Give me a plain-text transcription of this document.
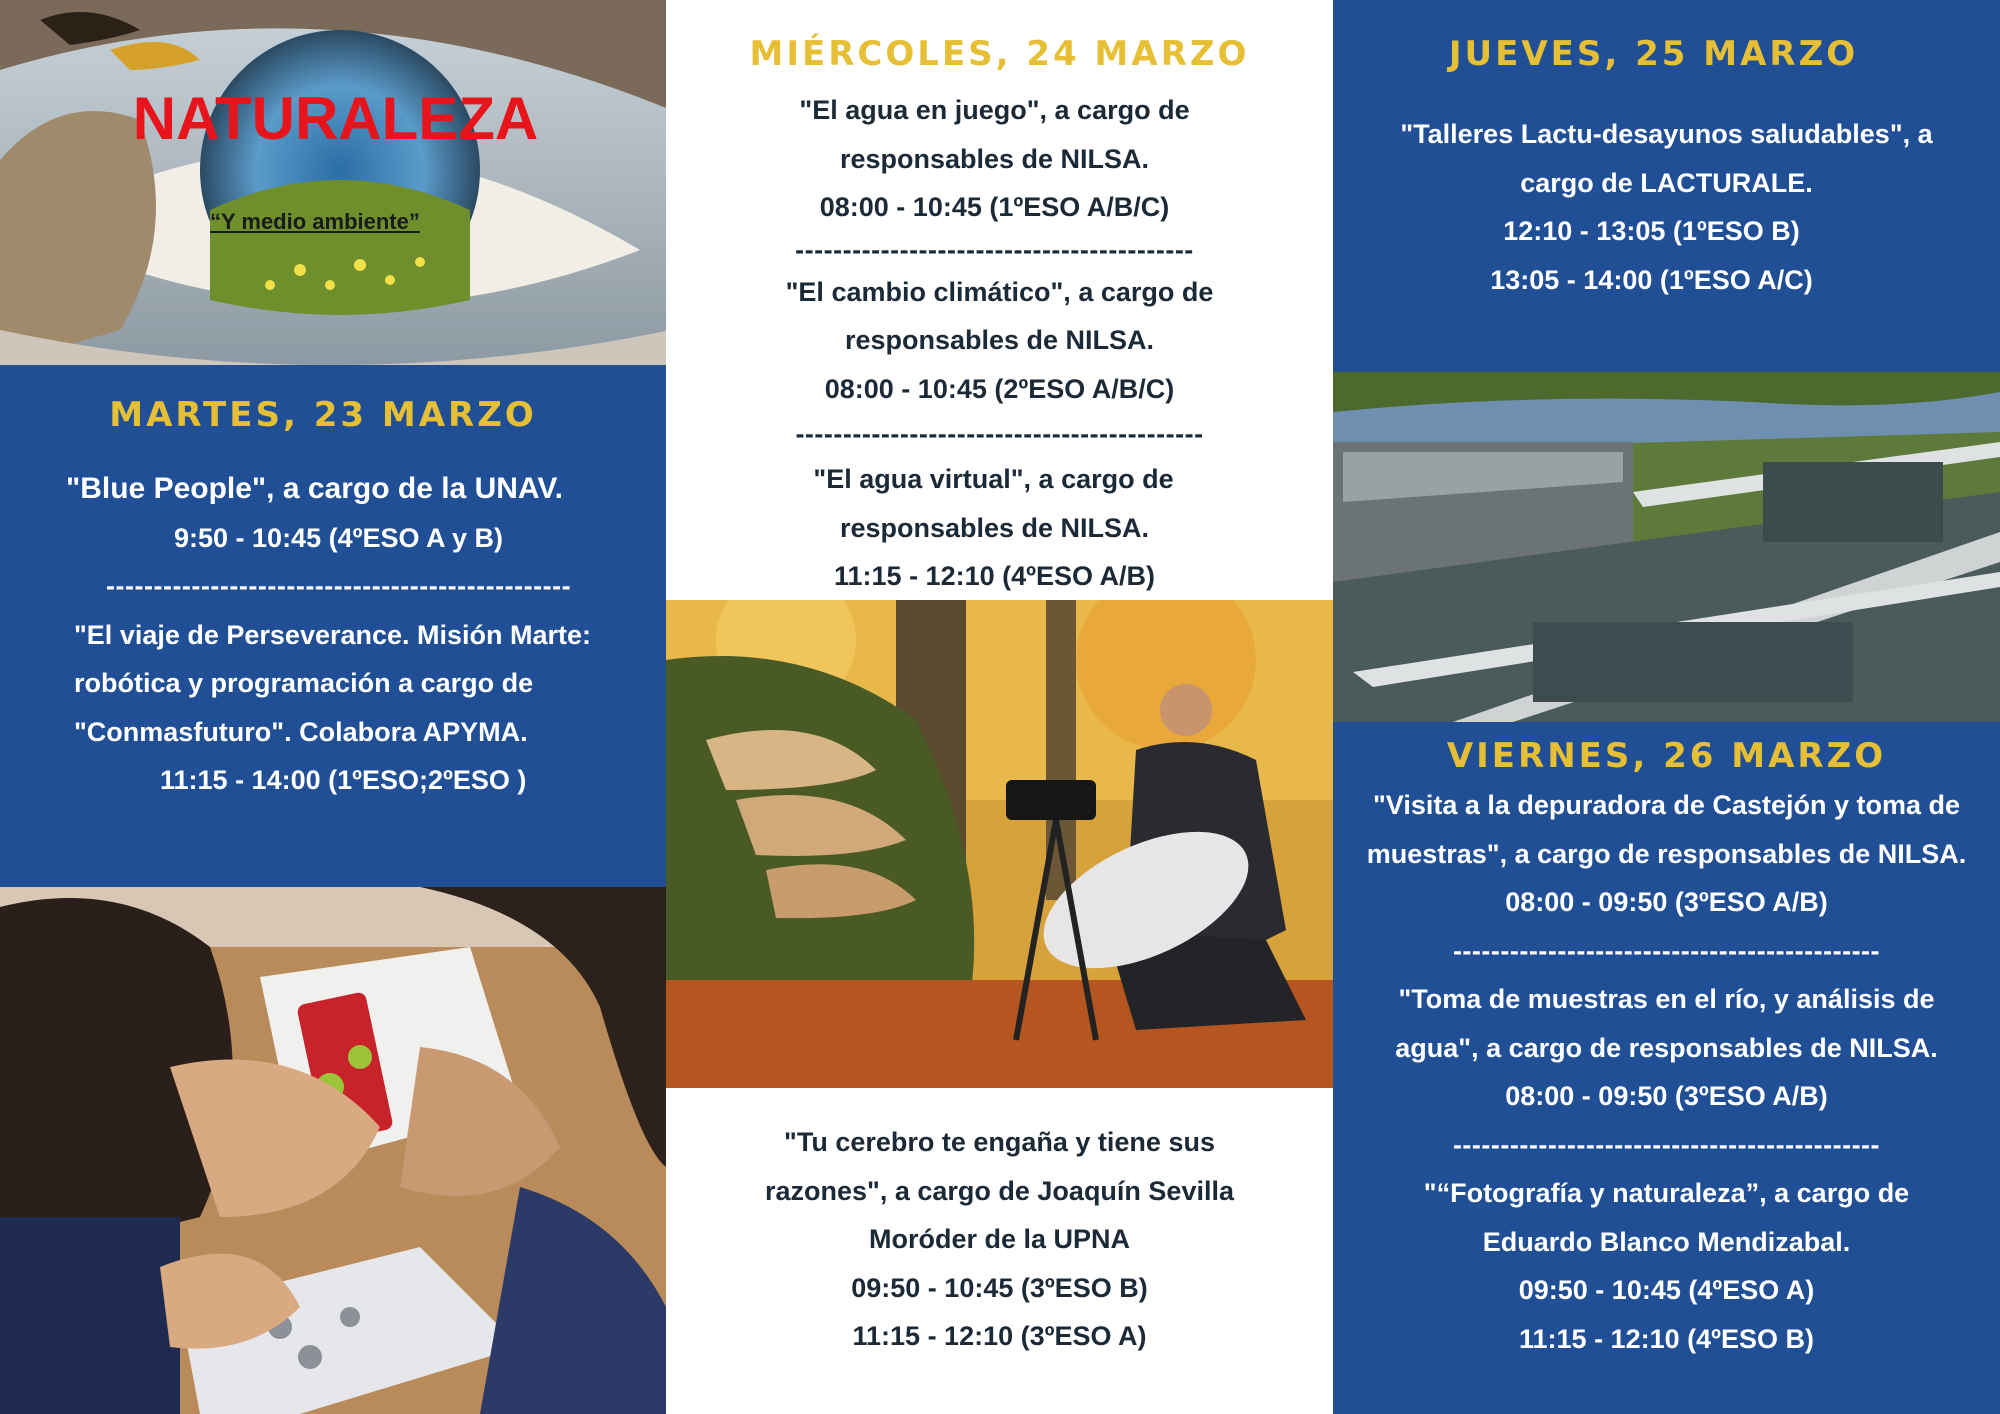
NATURALEZA
“Y medio ambiente”
MARTES, 23 MARZO

"Blue People", a cargo de la UNAV.

9:50 - 10:45 (4ºESO A y B)

-------------------------------------------------

"El viaje de Perseverance. Misión Marte:

robótica y programación a cargo de

"Conmasfuturo". Colabora APYMA.

11:15 - 14:00 (1ºESO;2ºESO )

MIÉRCOLES, 24 MARZO

"El agua en juego", a cargo de

responsables de NILSA.

08:00 - 10:45 (1ºESO A/B/C)

------------------------------------------

"El cambio climático", a cargo de

responsables de NILSA.

08:00 - 10:45 (2ºESO A/B/C)

-------------------------------------------

"El agua virtual", a cargo de

responsables de NILSA.

11:15 - 12:10 (4ºESO A/B)

"Tu cerebro te engaña y tiene sus

razones", a cargo de Joaquín Sevilla

Moróder de la UPNA

09:50 - 10:45 (3ºESO B)

11:15 - 12:10 (3ºESO A)

JUEVES, 25 MARZO

"Talleres Lactu-desayunos saludables", a

cargo de LACTURALE.

12:10 - 13:05 (1ºESO B)

13:05 - 14:00 (1ºESO A/C)

VIERNES, 26 MARZO

"Visita a la depuradora de Castejón y toma de

muestras", a cargo de responsables de NILSA.

08:00 - 09:50 (3ºESO A/B)

---------------------------------------------

"Toma de muestras en el río, y análisis de

agua", a cargo de responsables de NILSA.

08:00 - 09:50 (3ºESO A/B)

---------------------------------------------

"“Fotografía y naturaleza”, a cargo de

Eduardo Blanco Mendizabal.

09:50 - 10:45 (4ºESO A)

11:15 - 12:10 (4ºESO B)
